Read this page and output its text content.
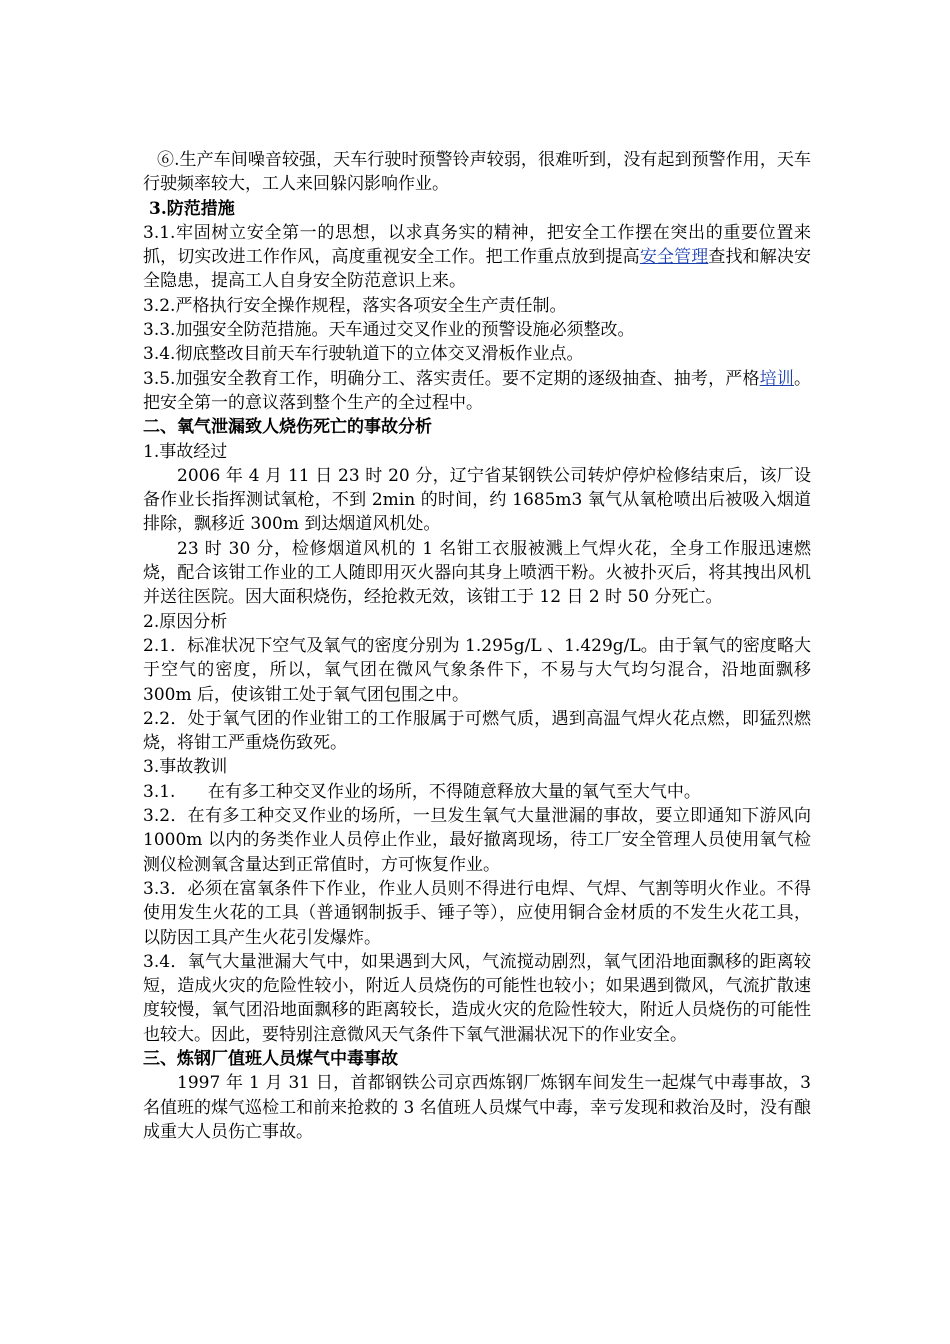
⑥.生产车间噪音较强，天车行驶时预警铃声较弱，很难听到，没有起到预警作用，天车行驶频率较大，工人来回躲闪影响作业。

3.防范措施

3.1.牢固树立安全第一的思想，以求真务实的精神，把安全工作摆在突出的重要位置来抓，切实改进工作作风，高度重视安全工作。把工作重点放到提高安全管理查找和解决安全隐患，提高工人自身安全防范意识上来。

3.2.严格执行安全操作规程，落实各项安全生产责任制。

3.3.加强安全防范措施。天车通过交叉作业的预警设施必须整改。

3.4.彻底整改目前天车行驶轨道下的立体交叉滑板作业点。

3.5.加强安全教育工作，明确分工、落实责任。要不定期的逐级抽查、抽考，严格培训。把安全第一的意议落到整个生产的全过程中。

二、氧气泄漏致人烧伤死亡的事故分析

1.事故经过

2006 年 4 月 11 日 23 时 20 分，辽宁省某钢铁公司转炉停炉检修结束后，该厂设备作业长指挥测试氧枪，不到 2min 的时间，约 1685m3 氧气从氧枪喷出后被吸入烟道排除，飘移近 300m 到达烟道风机处。

23 时 30 分，检修烟道风机的 1 名钳工衣服被溅上气焊火花，全身工作服迅速燃烧，配合该钳工作业的工人随即用灭火器向其身上喷洒干粉。火被扑灭后，将其拽出风机并送往医院。因大面积烧伤，经抢救无效，该钳工于 12 日 2 时 50 分死亡。

2.原因分析

2.1．标准状况下空气及氧气的密度分别为 1.295g/L 、1.429g/L。由于氧气的密度略大于空气的密度，所以，氧气团在微风气象条件下，不易与大气均匀混合，沿地面飘移 300m 后，使该钳工处于氧气团包围之中。

2.2．处于氧气团的作业钳工的工作服属于可燃气质，遇到高温气焊火花点燃，即猛烈燃烧，将钳工严重烧伤致死。

3.事故教训

3.1.      在有多工种交叉作业的场所，不得随意释放大量的氧气至大气中。

3.2．在有多工种交叉作业的场所，一旦发生氧气大量泄漏的事故，要立即通知下游风向 1000m 以内的务类作业人员停止作业，最好撤离现场，待工厂安全管理人员使用氧气检测仪检测氧含量达到正常值时，方可恢复作业。

3.3．必须在富氧条件下作业，作业人员则不得进行电焊、气焊、气割等明火作业。不得使用发生火花的工具（普通钢制扳手、锤子等），应使用铜合金材质的不发生火花工具，以防因工具产生火花引发爆炸。

3.4．氧气大量泄漏大气中，如果遇到大风，气流搅动剧烈，氧气团沿地面飘移的距离较短，造成火灾的危险性较小，附近人员烧伤的可能性也较小；如果遇到微风，气流扩散速度较慢，氧气团沿地面飘移的距离较长，造成火灾的危险性较大，附近人员烧伤的可能性也较大。因此，要特别注意微风天气条件下氧气泄漏状况下的作业安全。

三、炼钢厂值班人员煤气中毒事故

1997 年 1 月 31 日，首都钢铁公司京西炼钢厂炼钢车间发生一起煤气中毒事故，3 名值班的煤气巡检工和前来抢救的 3 名值班人员煤气中毒，幸亏发现和救治及时，没有酿成重大人员伤亡事故。
